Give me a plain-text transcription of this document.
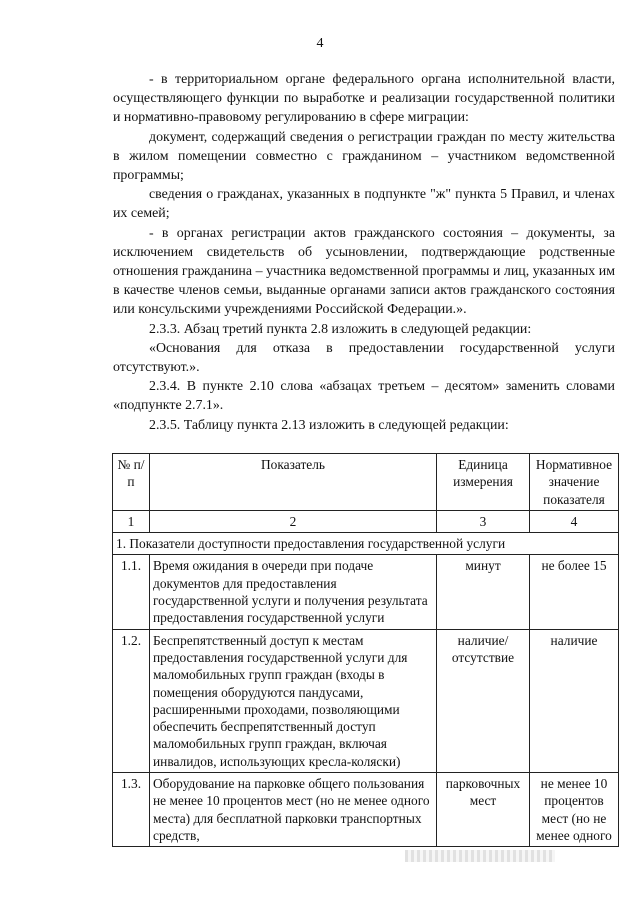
4

- в территориальном органе федерального органа исполнительной власти, осуществляющего функции по выработке и реализации государственной политики и нормативно-правовому регулированию в сфере миграции:

документ, содержащий сведения о регистрации граждан по месту жительства в жилом помещении совместно с гражданином – участником ведомственной программы;

сведения о гражданах, указанных в подпункте "ж" пункта 5 Правил, и членах их семей;

- в органах регистрации актов гражданского состояния – документы, за исключением свидетельств об усыновлении, подтверждающие родственные отношения гражданина – участника ведомственной программы и лиц, указанных им в качестве членов семьи, выданные органами записи актов гражданского состояния или консульскими учреждениями Российской Федерации.».

2.3.3. Абзац третий пункта 2.8 изложить в следующей редакции:

«Основания для отказа в предоставлении государственной услуги отсутствуют.».

2.3.4. В пункте 2.10 слова «абзацах третьем – десятом» заменить словами «подпункте 2.7.1».

2.3.5. Таблицу пункта 2.13 изложить в следующей редакции:

№ п/п	Показатель	Единица измерения	Нормативное значение показателя
1	2	3	4
1. Показатели доступности предоставления государственной услуги			
1.1.	Время ожидания в очереди при подаче документов для предоставления государственной услуги и получения результата предоставления государственной услуги	минут	не более 15
1.2.	Беспрепятственный доступ к местам предоставления государственной услуги для маломобильных групп граждан (входы в помещения оборудуются пандусами, расширенными проходами, позволяющими обеспечить беспрепятственный доступ маломобильных групп граждан, включая инвалидов, использующих кресла-коляски)	наличие/ отсутствие	наличие
1.3.	Оборудование на парковке общего пользования не менее 10 процентов мест (но не менее одного места) для бесплатной парковки транспортных средств,	парковочных мест	не менее 10 процентов мест (но не менее одного
